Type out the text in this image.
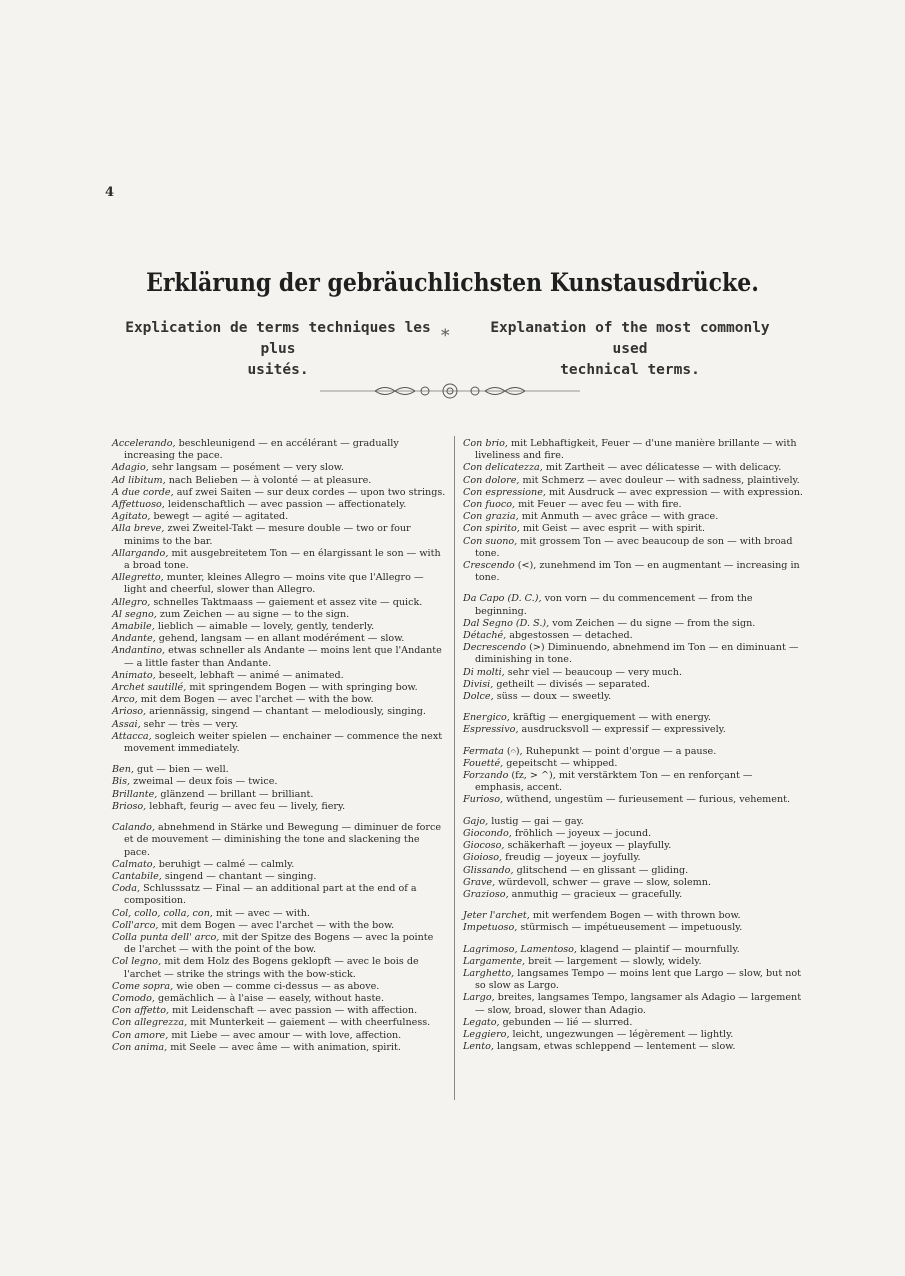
4
Erklärung der gebräuchlichsten Kunstausdrücke.
Explication de terms techniques les plus
usités.
*	Explanation of the most commonly used
technical terms.
Accelerando, beschleunigend — en accélérant — gradually increasing the pace.
Adagio, sehr langsam — posément — very slow.
Ad libitum, nach Belieben — à volonté — at pleasure.
A due corde, auf zwei Saiten — sur deux cordes — upon two strings.
Affettuoso, leidenschaftlich — avec passion — affectionately.
Agitato, bewegt — agité — agitated.
Alla breve, zwei Zweitel-Takt — mesure double — two or four minims to the bar.
Allargando, mit ausgebreitetem Ton — en élargissant le son — with a broad tone.
Allegretto, munter, kleines Allegro — moins vite que l'Allegro — light and cheerful, slower than Allegro.
Allegro, schnelles Taktmaass — gaiement et assez vite — quick.
Al segno, zum Zeichen — au signe — to the sign.
Amabile, lieblich — aimable — lovely, gently, tenderly.
Andante, gehend, langsam — en allant modérément — slow.
Andantino, etwas schneller als Andante — moins lent que l'Andante — a little faster than Andante.
Animato, beseelt, lebhaft — animé — animated.
Archet sautillé, mit springendem Bogen — with springing bow.
Arco, mit dem Bogen — avec l'archet — with the bow.
Arioso, ariennässig, singend — chantant — melodiously, singing.
Assai, sehr — très — very.
Attacca, sogleich weiter spielen — enchainer — commence the next movement immediately.
Ben, gut — bien — well.
Bis, zweimal — deux fois — twice.
Brillante, glänzend — brillant — brilliant.
Brioso, lebhaft, feurig — avec feu — lively, fiery.
Calando, abnehmend in Stärke und Bewegung — diminuer de force et de mouvement — diminishing the tone and slackening the pace.
Calmato, beruhigt — calmé — calmly.
Cantabile, singend — chantant — singing.
Coda, Schlusssatz — Final — an additional part at the end of a composition.
Col, collo, colla, con, mit — avec — with.
Coll'arco, mit dem Bogen — avec l'archet — with the bow.
Colla punta dell' arco, mit der Spitze des Bogens — avec la pointe de l'archet — with the point of the bow.
Col legno, mit dem Holz des Bogens geklopft — avec le bois de l'archet — strike the strings with the bow-stick.
Come sopra, wie oben — comme ci-dessus — as above.
Comodo, gemächlich — à l'aise — easely, without haste.
Con affetto, mit Leidenschaft — avec passion — with affection.
Con allegrezza, mit Munterkeit — gaiement — with cheerfulness.
Con amore, mit Liebe — avec amour — with love, affection.
Con anima, mit Seele — avec âme — with animation, spirit.
Con brio, mit Lebhaftigkeit, Feuer — d'une manière brillante — with liveliness and fire.
Con delicatezza, mit Zartheit — avec délicatesse — with delicacy.
Con dolore, mit Schmerz — avec douleur — with sadness, plaintively.
Con espressione, mit Ausdruck — avec expression — with expression.
Con fuoco, mit Feuer — avec feu — with fire.
Con grazia, mit Anmuth — avec grâce — with grace.
Con spirito, mit Geist — avec esprit — with spirit.
Con suono, mit grossem Ton — avec beaucoup de son — with broad tone.
Crescendo (<), zunehmend im Ton — en augmentant — increasing in tone.
Da Capo (D. C.), von vorn — du commencement — from the beginning.
Dal Segno (D. S.), vom Zeichen — du signe — from the sign.
Détaché, abgestossen — detached.
Decrescendo (>) Diminuendo, abnehmend im Ton — en diminuant — diminishing in tone.
Di molti, sehr viel — beaucoup — very much.
Divisi, getheilt — divisés — separated.
Dolce, süss — doux — sweetly.
Energico, kräftig — energiquement — with energy.
Espressivo, ausdrucksvoll — expressif — expressively.
Fermata (𝄐), Ruhepunkt — point d'orgue — a pause.
Fouetté, gepeitscht — whipped.
Forzando (fz, > ^), mit verstärktem Ton — en renforçant — emphasis, accent.
Furioso, wüthend, ungestüm — furieusement — furious, vehement.
Gajo, lustig — gai — gay.
Giocondo, fröhlich — joyeux — jocund.
Giocoso, schäkerhaft — joyeux — playfully.
Gioioso, freudig — joyeux — joyfully.
Glissando, glitschend — en glissant — gliding.
Grave, würdevoll, schwer — grave — slow, solemn.
Grazioso, anmuthig — gracieux — gracefully.
Jeter l'archet, mit werfendem Bogen — with thrown bow.
Impetuoso, stürmisch — impétueusement — impetuously.
Lagrimoso, Lamentoso, klagend — plaintif — mournfully.
Largamente, breit — largement — slowly, widely.
Larghetto, langsames Tempo — moins lent que Largo — slow, but not so slow as Largo.
Largo, breites, langsames Tempo, langsamer als Adagio — largement — slow, broad, slower than Adagio.
Legato, gebunden — lié — slurred.
Leggiero, leicht, ungezwungen — légèrement — lightly.
Lento, langsam, etwas schleppend — lentement — slow.
